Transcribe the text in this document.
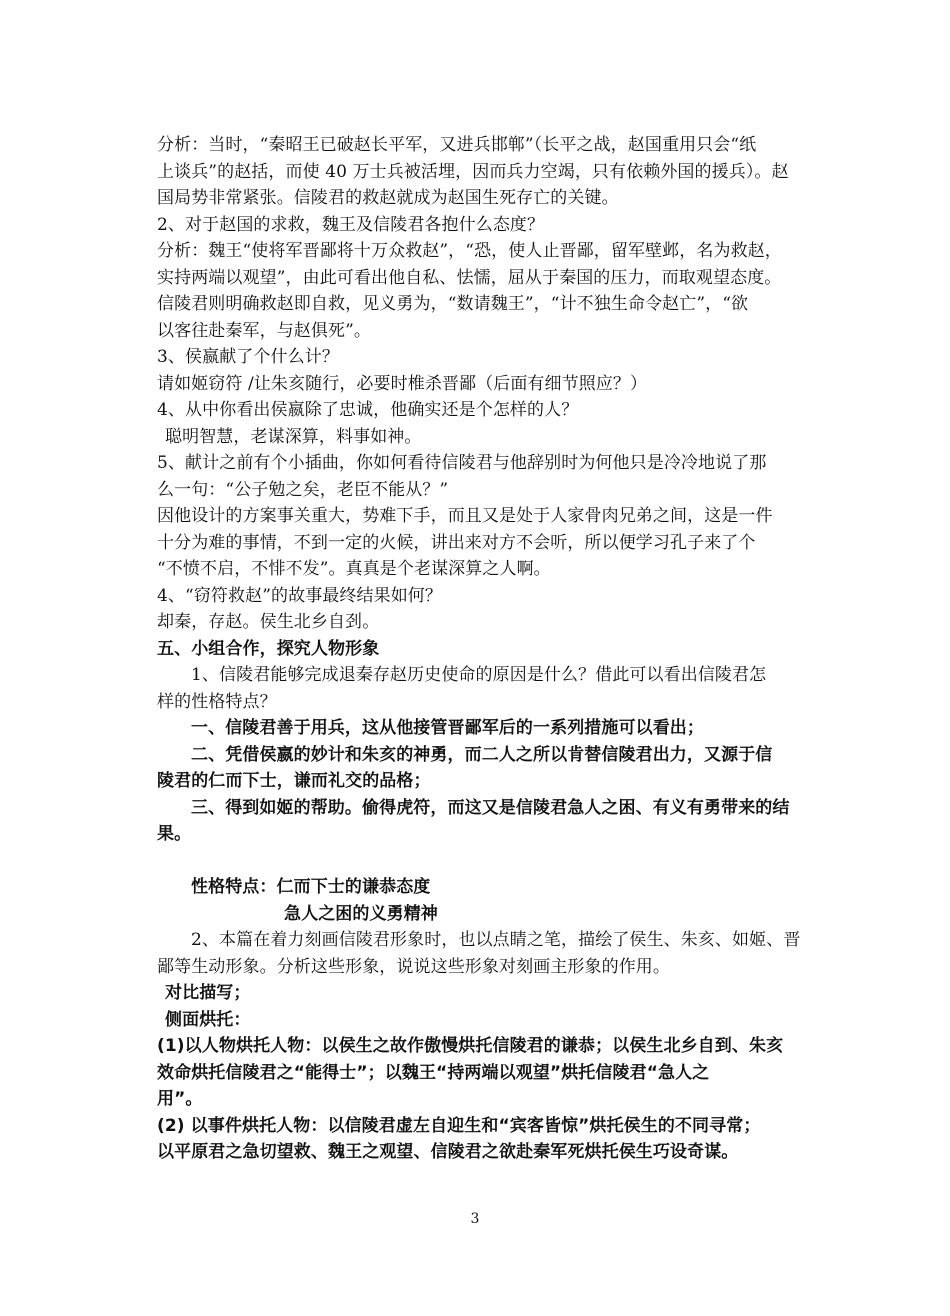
分析：当时，“秦昭王已破赵长平军，又进兵邯郸”（长平之战，赵国重用只会“纸

上谈兵”的赵括，而使 40 万士兵被活埋，因而兵力空竭，只有依赖外国的援兵）。赵

国局势非常紧张。信陵君的救赵就成为赵国生死存亡的关键。

2、对于赵国的求救，魏王及信陵君各抱什么态度？

分析：魏王“使将军晋鄙将十万众救赵”，“恐，使人止晋鄙，留军壁邺，名为救赵，

实持两端以观望”，由此可看出他自私、怯懦，屈从于秦国的压力，而取观望态度。

信陵君则明确救赵即自救，见义勇为，“数请魏王”，“计不独生命令赵亡”，“欲

以客往赴秦军，与赵俱死”。

3、侯嬴献了个什么计？

请如姬窃符 /让朱亥随行，必要时椎杀晋鄙（后面有细节照应？）

4、从中你看出侯嬴除了忠诚，他确实还是个怎样的人？

聪明智慧，老谋深算，料事如神。

5、献计之前有个小插曲，你如何看待信陵君与他辞别时为何他只是冷冷地说了那

么一句：“公子勉之矣，老臣不能从？”

因他设计的方案事关重大，势难下手，而且又是处于人家骨肉兄弟之间，这是一件

十分为难的事情，不到一定的火候，讲出来对方不会听，所以便学习孔子来了个

“不愤不启，不悱不发”。真真是个老谋深算之人啊。

4、“窃符救赵”的故事最终结果如何？

却秦，存赵。侯生北乡自刭。

五、小组合作，探究人物形象

1、信陵君能够完成退秦存赵历史使命的原因是什么？借此可以看出信陵君怎

样的性格特点？

一、信陵君善于用兵，这从他接管晋鄙军后的一系列措施可以看出；

二、凭借侯嬴的妙计和朱亥的神勇，而二人之所以肯替信陵君出力，又源于信

陵君的仁而下士，谦而礼交的品格；

三、得到如姬的帮助。偷得虎符，而这又是信陵君急人之困、有义有勇带来的结

果。

性格特点：仁而下士的谦恭态度

急人之困的义勇精神

2、本篇在着力刻画信陵君形象时，也以点睛之笔，描绘了侯生、朱亥、如姬、晋

鄙等生动形象。分析这些形象，说说这些形象对刻画主形象的作用。

对比描写；

侧面烘托：

(1)以人物烘托人物：以侯生之故作傲慢烘托信陵君的谦恭；以侯生北乡自到、朱亥

效命烘托信陵君之“能得士”；以魏王“持两端以观望”烘托信陵君“急人之

用”。

(2) 以事件烘托人物：以信陵君虚左自迎生和“宾客皆惊”烘托侯生的不同寻常；

以平原君之急切望救、魏王之观望、信陵君之欲赴秦军死烘托侯生巧设奇谋。

3
